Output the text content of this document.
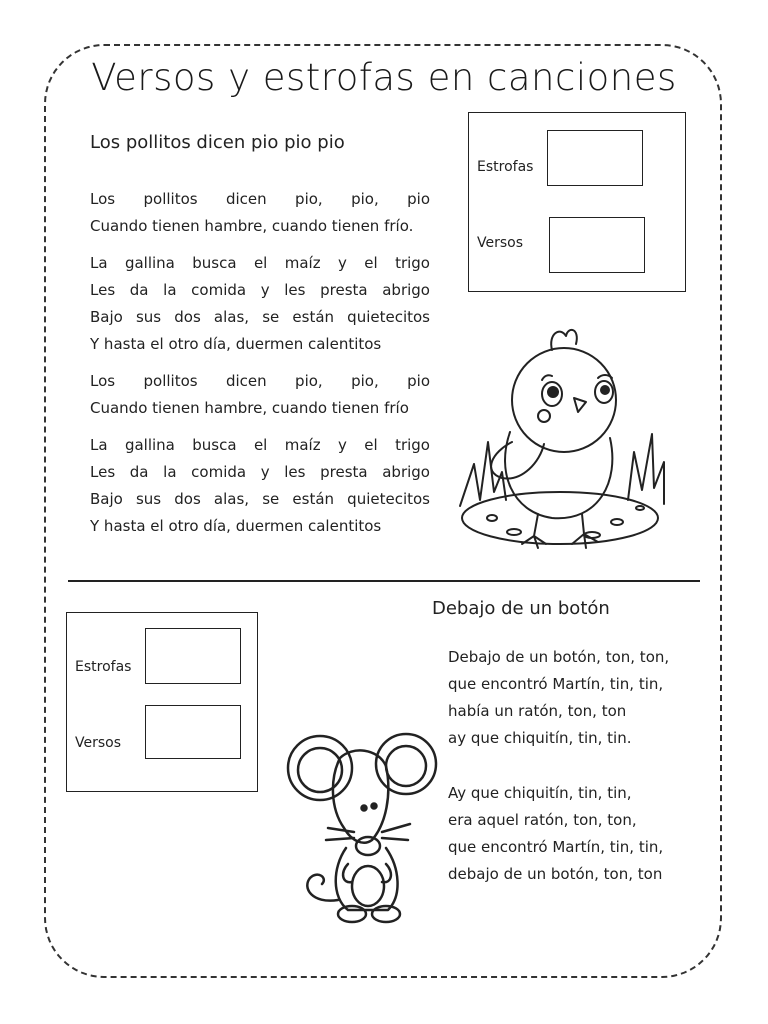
Versos y estrofas en canciones
Los pollitos dicen pio pio pio
Los pollitos dicen pio, pio, pio
Cuando tienen hambre, cuando tienen frío.
La gallina busca el maíz y el trigo
Les da la comida y les presta abrigo
Bajo sus dos alas, se están quietecitos
Y hasta el otro día, duermen calentitos
Los pollitos dicen pio, pio, pio
Cuando tienen hambre, cuando tienen frío
La gallina busca el maíz y el trigo
Les da la comida y les presta abrigo
Bajo sus dos alas, se están quietecitos
Y hasta el otro día, duermen calentitos
Estrofas
Versos
Debajo de un botón
Debajo de un botón, ton, ton,
que encontró Martín, tin, tin,
había un ratón, ton, ton
ay que chiquitín, tin, tin.
Ay que chiquitín, tin, tin,
era aquel ratón, ton, ton,
que encontró Martín, tin, tin,
debajo de un botón, ton, ton
Estrofas
Versos
